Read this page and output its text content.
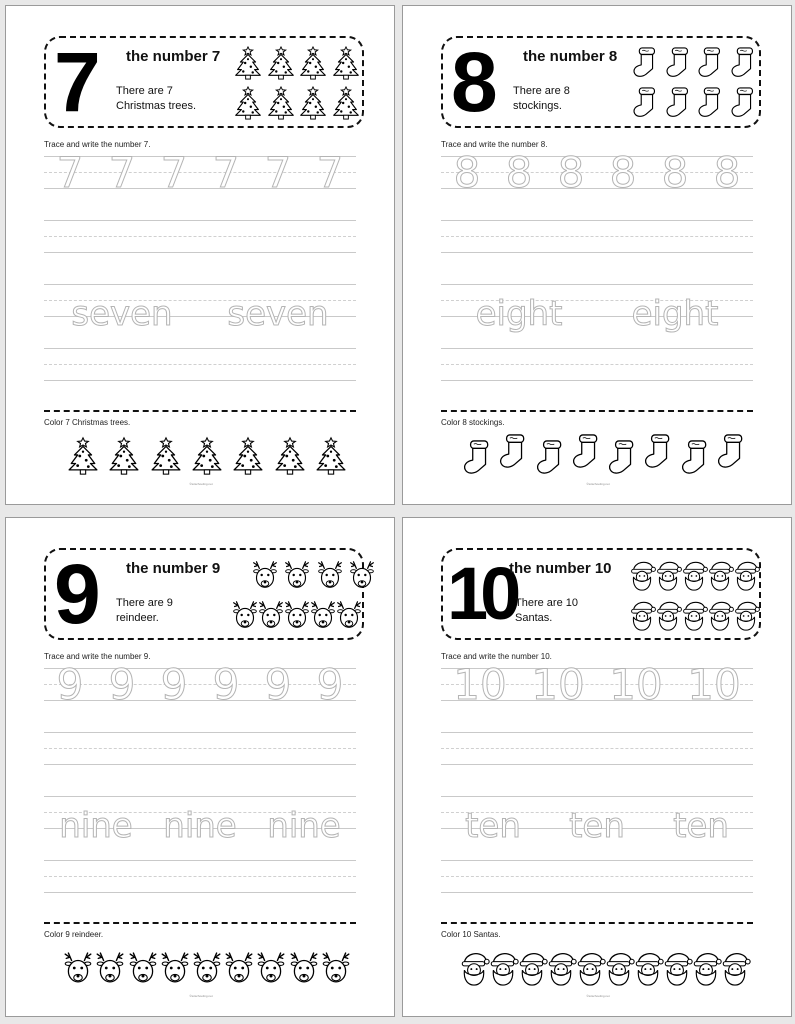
7 the number 7
There are 7 Christmas trees.
Trace and write the number 7.
7 7 7 7 7 7
seven seven
Color 7 Christmas trees.
©totschooling.net
8 the number 8
There are 8 stockings.
Trace and write the number 8.
8 8 8 8 8 8
eight eight
Color 8 stockings.
©totschooling.net
9 the number 9
There are 9 reindeer.
Trace and write the number 9.
9 9 9 9 9 9
nine nine nine
Color 9 reindeer.
©totschooling.net
10
the number 10
There are 10 Santas.
Trace and write the number 10.
10 10 10 10
ten ten ten
Color 10 Santas.
©totschooling.net
